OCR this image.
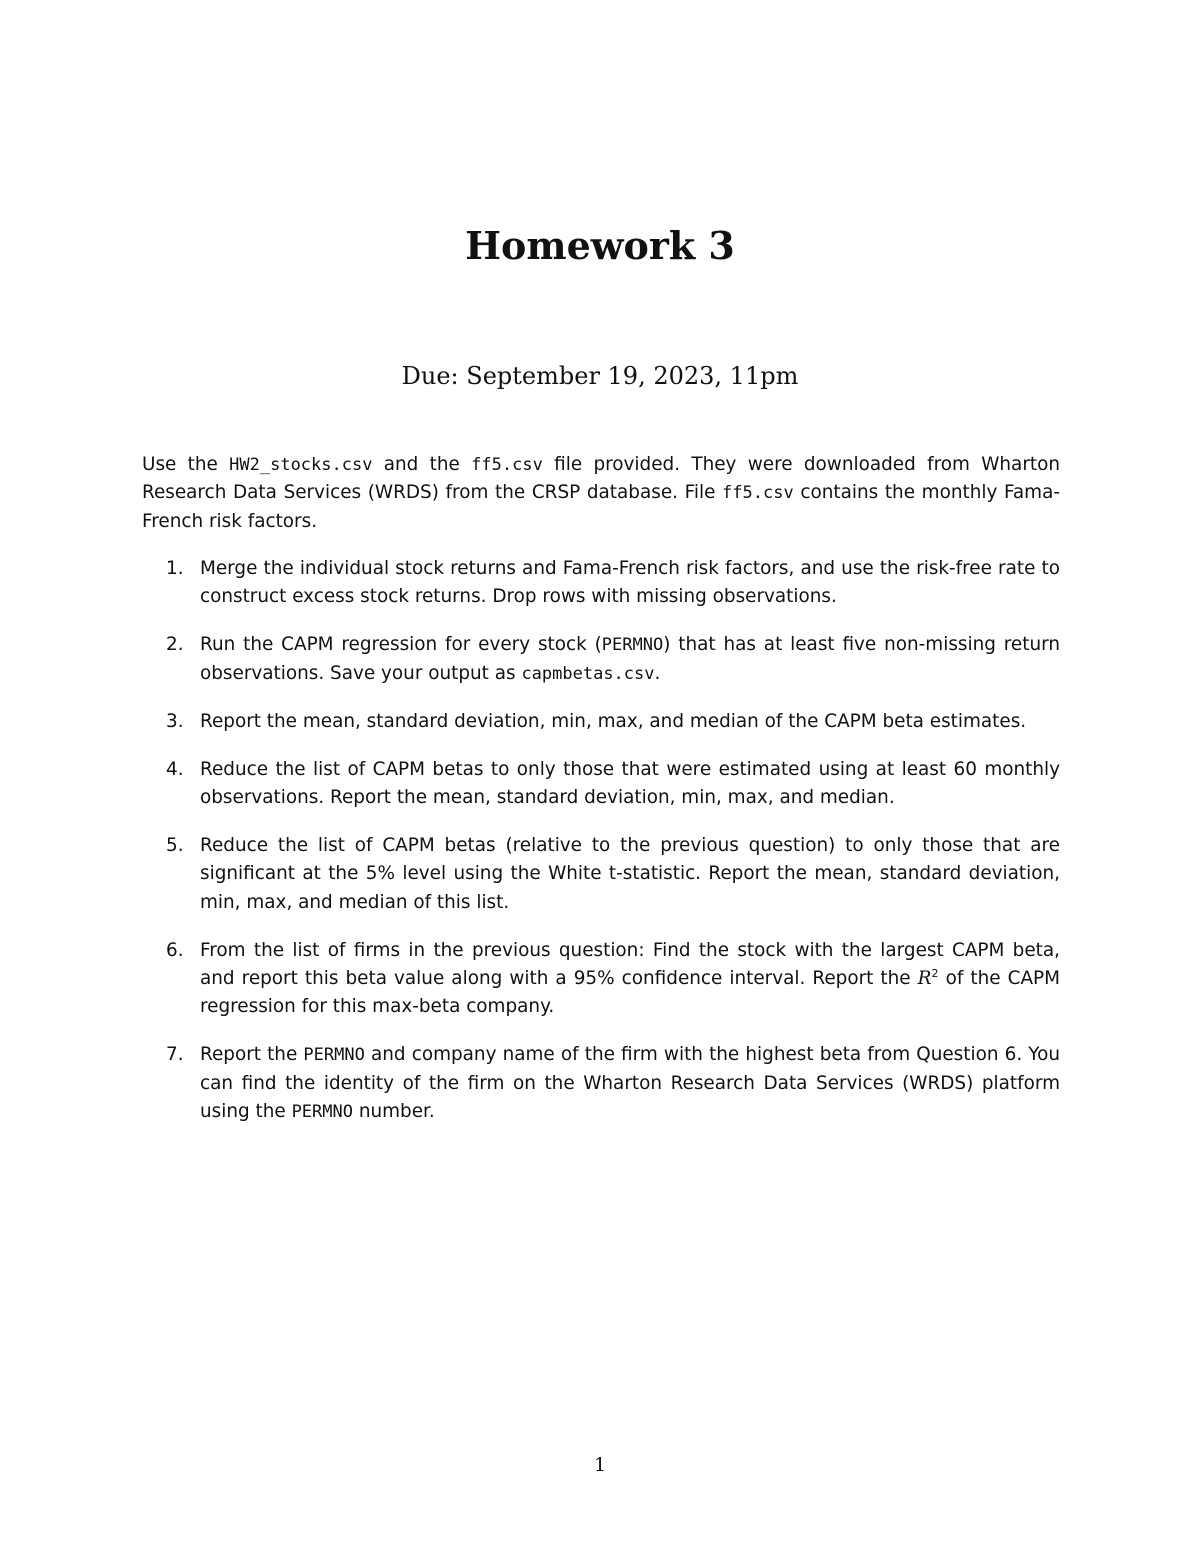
Homework 3
Due: September 19, 2023, 11pm

Use the HW2_stocks.csv and the ff5.csv file provided. They were downloaded from Wharton Research Data Services (WRDS) from the CRSP database. File ff5.csv contains the monthly Fama-French risk factors.

1. Merge the individual stock returns and Fama-French risk factors, and use the risk-free rate to construct excess stock returns. Drop rows with missing observations.
2. Run the CAPM regression for every stock (PERMNO) that has at least five non-missing return observations. Save your output as capmbetas.csv.
3. Report the mean, standard deviation, min, max, and median of the CAPM beta estimates.
4. Reduce the list of CAPM betas to only those that were estimated using at least 60 monthly observations. Report the mean, standard deviation, min, max, and median.
5. Reduce the list of CAPM betas (relative to the previous question) to only those that are significant at the 5% level using the White t-statistic. Report the mean, standard deviation, min, max, and median of this list.
6. From the list of firms in the previous question: Find the stock with the largest CAPM beta, and report this beta value along with a 95% confidence interval. Report the $R^2$ of the CAPM regression for this max-beta company.
7. Report the PERMNO and company name of the firm with the highest beta from Question 6. You can find the identity of the firm on the Wharton Research Data Services (WRDS) platform using the PERMNO number.
1
